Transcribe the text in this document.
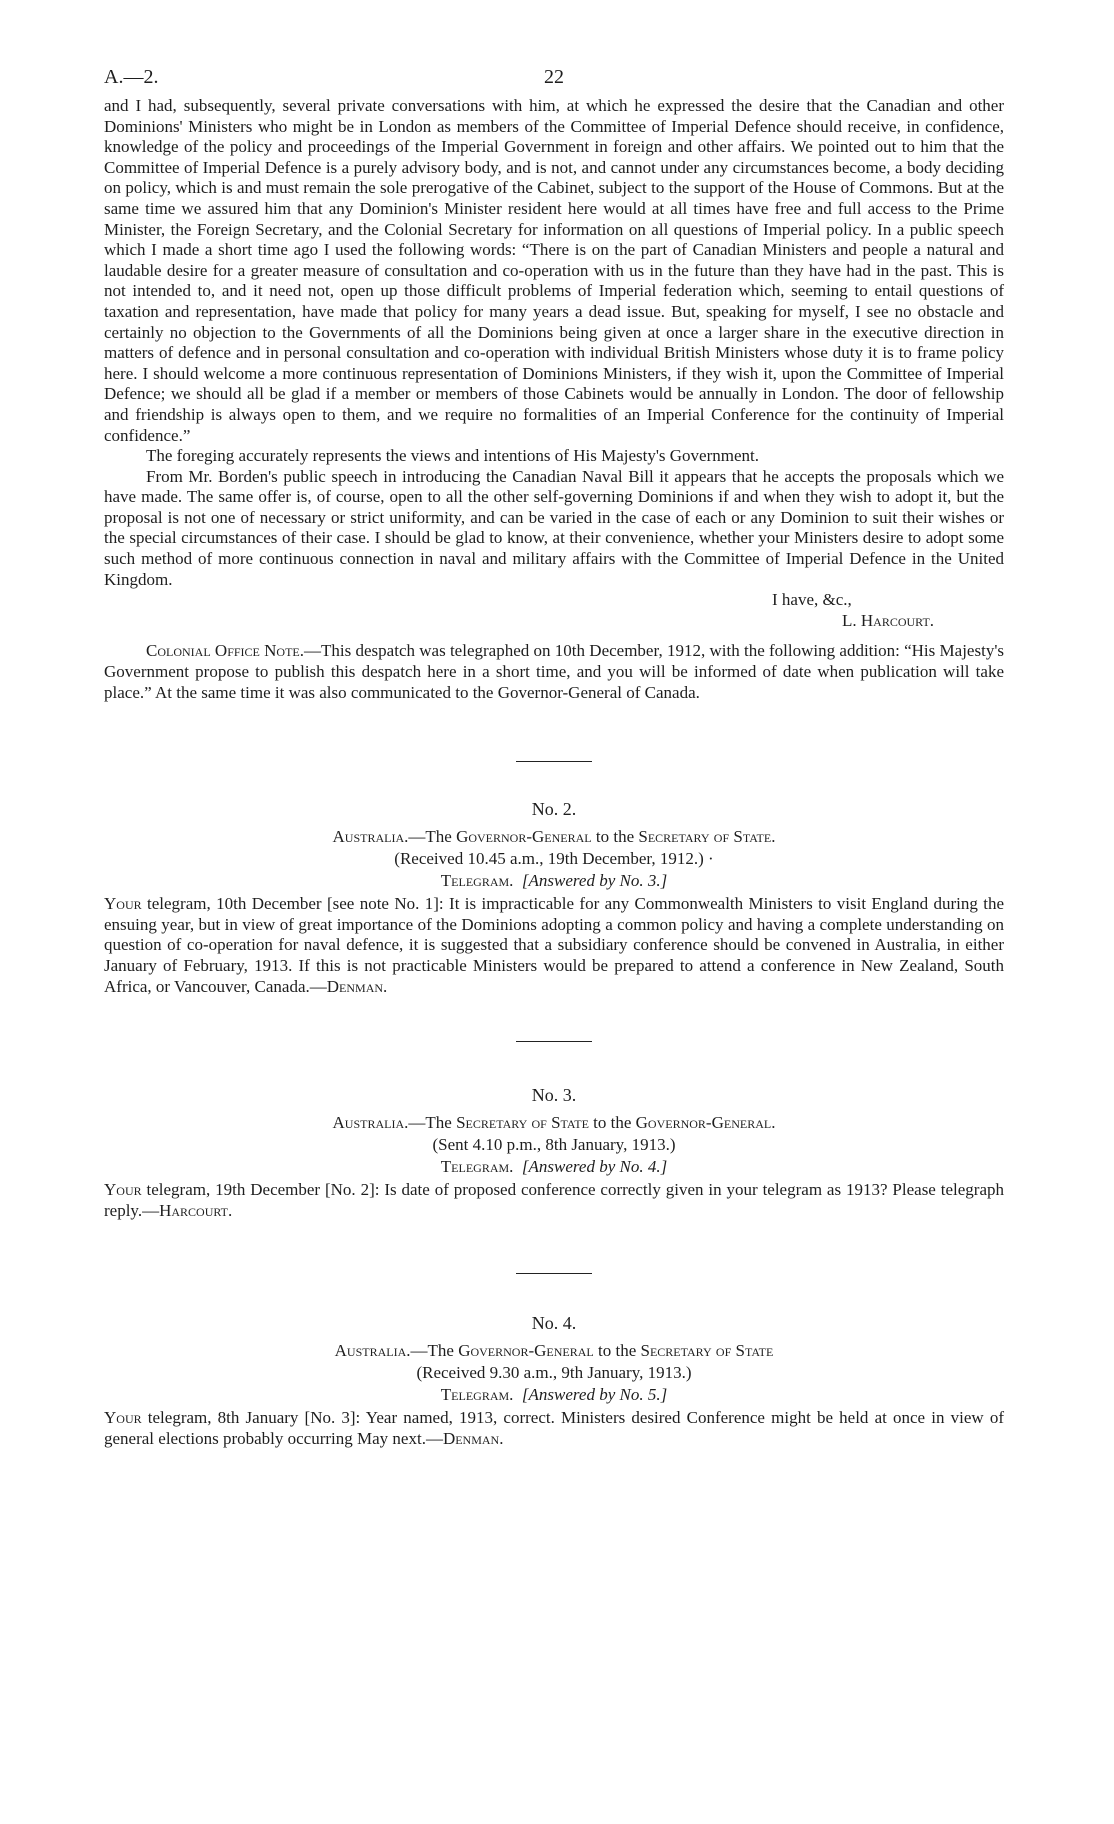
A.—2.	22

and I had, subsequently, several private conversations with him, at which he expressed the desire that the Canadian and other Dominions' Ministers who might be in London as members of the Committee of Imperial Defence should receive, in confidence, knowledge of the policy and proceedings of the Imperial Government in foreign and other affairs. We pointed out to him that the Committee of Imperial Defence is a purely advisory body, and is not, and cannot under any circumstances become, a body deciding on policy, which is and must remain the sole prerogative of the Cabinet, subject to the support of the House of Commons. But at the same time we assured him that any Dominion's Minister resident here would at all times have free and full access to the Prime Minister, the Foreign Secretary, and the Colonial Secretary for information on all questions of Imperial policy. In a public speech which I made a short time ago I used the following words: “There is on the part of Canadian Ministers and people a natural and laudable desire for a greater measure of consultation and co-operation with us in the future than they have had in the past. This is not intended to, and it need not, open up those difficult problems of Imperial federation which, seeming to entail questions of taxation and representation, have made that policy for many years a dead issue. But, speaking for myself, I see no obstacle and certainly no objection to the Governments of all the Dominions being given at once a larger share in the executive direction in matters of defence and in personal consultation and co-operation with individual British Ministers whose duty it is to frame policy here. I should welcome a more continuous representation of Dominions Ministers, if they wish it, upon the Committee of Imperial Defence; we should all be glad if a member or members of those Cabinets would be annually in London. The door of fellowship and friendship is always open to them, and we require no formalities of an Imperial Conference for the continuity of Imperial confidence.”

The foreging accurately represents the views and intentions of His Majesty's Government.

From Mr. Borden's public speech in introducing the Canadian Naval Bill it appears that he accepts the proposals which we have made. The same offer is, of course, open to all the other self-governing Dominions if and when they wish to adopt it, but the proposal is not one of necessary or strict uniformity, and can be varied in the case of each or any Dominion to suit their wishes or the special circumstances of their case. I should be glad to know, at their convenience, whether your Ministers desire to adopt some such method of more continuous connection in naval and military affairs with the Committee of Imperial Defence in the United Kingdom.

I have, &c.,
L. Harcourt.

Colonial Office Note.—This despatch was telegraphed on 10th December, 1912, with the following addition: “His Majesty's Government propose to publish this despatch here in a short time, and you will be informed of date when publication will take place.” At the same time it was also communicated to the Governor-General of Canada.

No. 2.
Australia.—The Governor-General to the Secretary of State.
(Received 10.45 a.m., 19th December, 1912.) ·
Telegram. [Answered by No. 3.]

Your telegram, 10th December [see note No. 1]: It is impracticable for any Commonwealth Ministers to visit England during the ensuing year, but in view of great importance of the Dominions adopting a common policy and having a complete understanding on question of co-operation for naval defence, it is suggested that a subsidiary conference should be convened in Australia, in either January of February, 1913. If this is not practicable Ministers would be prepared to attend a conference in New Zealand, South Africa, or Vancouver, Canada.—Denman.

No. 3.
Australia.—The Secretary of State to the Governor-General.
(Sent 4.10 p.m., 8th January, 1913.)
Telegram. [Answered by No. 4.]

Your telegram, 19th December [No. 2]: Is date of proposed conference correctly given in your telegram as 1913? Please telegraph reply.—Harcourt.

No. 4.
Australia.—The Governor-General to the Secretary of State
(Received 9.30 a.m., 9th January, 1913.)
Telegram. [Answered by No. 5.]

Your telegram, 8th January [No. 3]: Year named, 1913, correct. Ministers desired Conference might be held at once in view of general elections probably occurring May next.—Denman.
